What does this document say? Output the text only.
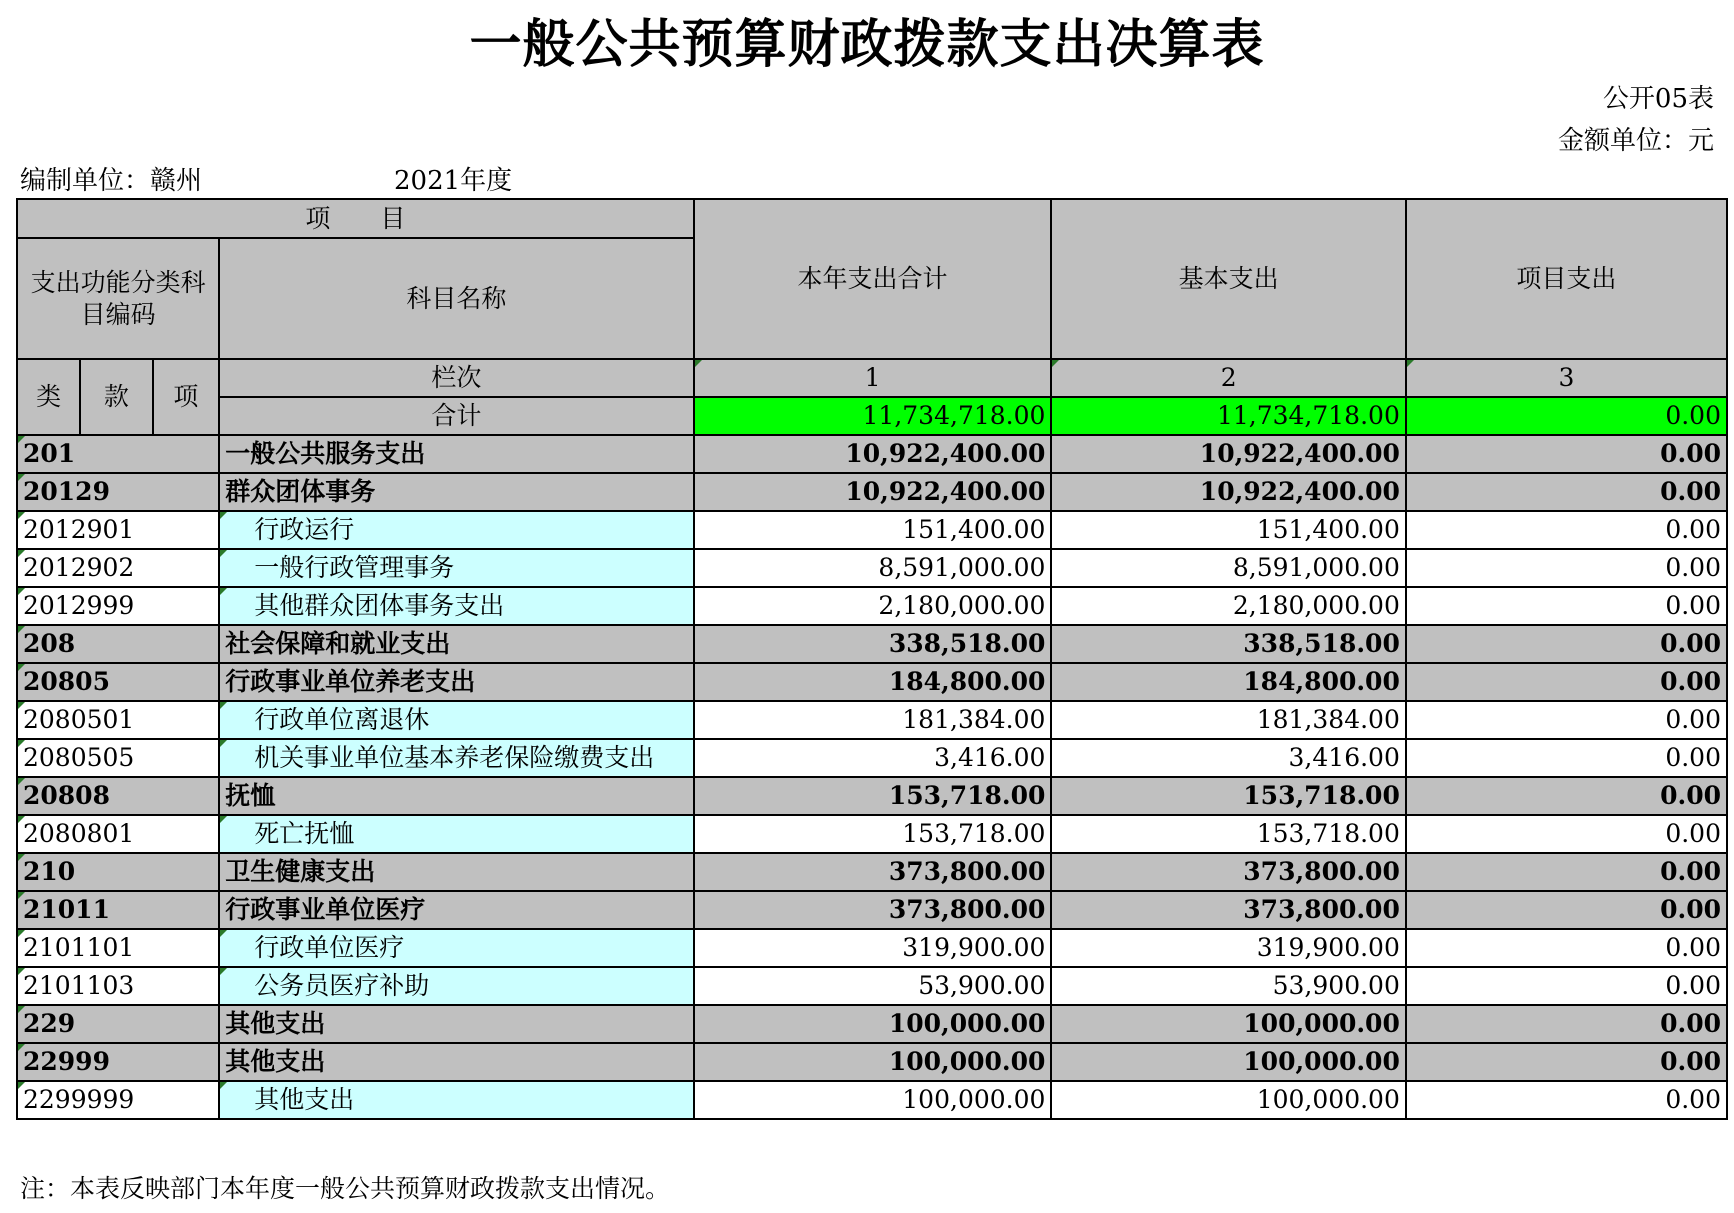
一般公共预算财政拨款支出决算表
公开05表
金额单位：元
编制单位：赣州	2021年度
项　　目				本年支出合计	基本支出	项目支出
支出功能分类科目编码			科目名称			
类	款	项	栏次	1	2	3
			合计	11,734,718.00	11,734,718.00	0.00
201			一般公共服务支出	10,922,400.00	10,922,400.00	0.00
20129			群众团体事务	10,922,400.00	10,922,400.00	0.00
2012901			行政运行	151,400.00	151,400.00	0.00
2012902			一般行政管理事务	8,591,000.00	8,591,000.00	0.00
2012999			其他群众团体事务支出	2,180,000.00	2,180,000.00	0.00
208			社会保障和就业支出	338,518.00	338,518.00	0.00
20805			行政事业单位养老支出	184,800.00	184,800.00	0.00
2080501			行政单位离退休	181,384.00	181,384.00	0.00
2080505			机关事业单位基本养老保险缴费支出	3,416.00	3,416.00	0.00
20808			抚恤	153,718.00	153,718.00	0.00
2080801			死亡抚恤	153,718.00	153,718.00	0.00
210			卫生健康支出	373,800.00	373,800.00	0.00
21011			行政事业单位医疗	373,800.00	373,800.00	0.00
2101101			行政单位医疗	319,900.00	319,900.00	0.00
2101103			公务员医疗补助	53,900.00	53,900.00	0.00
229			其他支出	100,000.00	100,000.00	0.00
22999			其他支出	100,000.00	100,000.00	0.00
2299999			其他支出	100,000.00	100,000.00	0.00
注：本表反映部门本年度一般公共预算财政拨款支出情况。
